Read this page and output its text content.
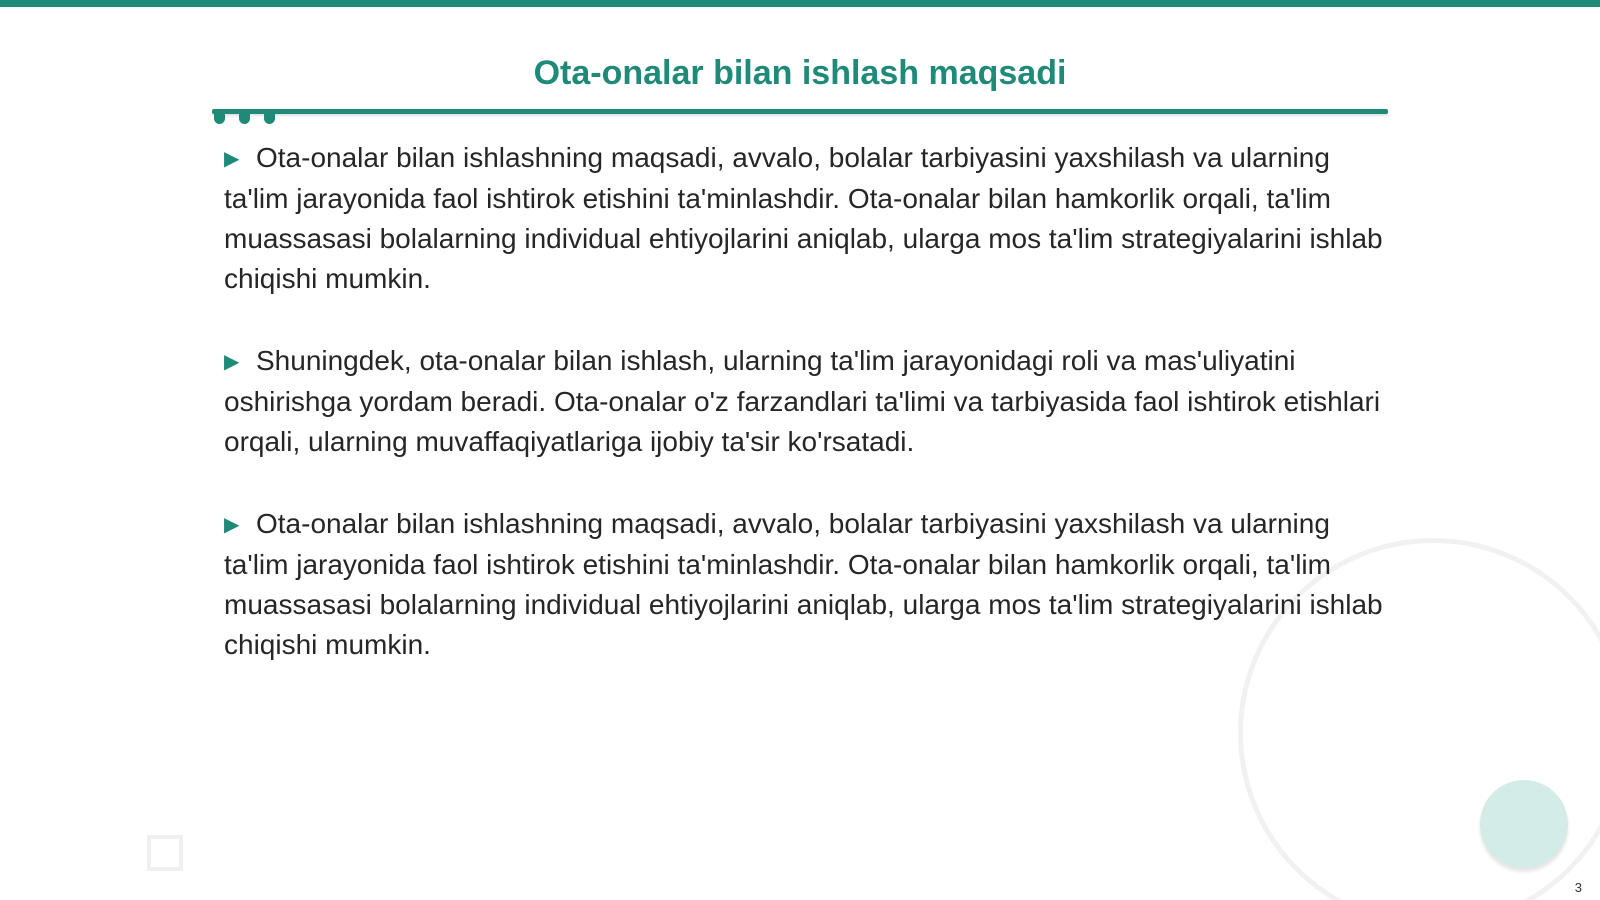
Ota-onalar bilan ishlash maqsadi

▶ Ota-onalar bilan ishlashning maqsadi, avvalo, bolalar tarbiyasini yaxshilash va ularning ta'lim jarayonida faol ishtirok etishini ta'minlashdir. Ota-onalar bilan hamkorlik orqali, ta'lim muassasasi bolalarning individual ehtiyojlarini aniqlab, ularga mos ta'lim strategiyalarini ishlab chiqishi mumkin.

▶ Shuningdek, ota-onalar bilan ishlash, ularning ta'lim jarayonidagi roli va mas'uliyatini oshirishga yordam beradi. Ota-onalar o'z farzandlari ta'limi va tarbiyasida faol ishtirok etishlari orqali, ularning muvaffaqiyatlariga ijobiy ta'sir ko'rsatadi.

▶ Ota-onalar bilan ishlashning maqsadi, avvalo, bolalar tarbiyasini yaxshilash va ularning ta'lim jarayonida faol ishtirok etishini ta'minlashdir. Ota-onalar bilan hamkorlik orqali, ta'lim muassasasi bolalarning individual ehtiyojlarini aniqlab, ularga mos ta'lim strategiyalarini ishlab chiqishi mumkin.

3
